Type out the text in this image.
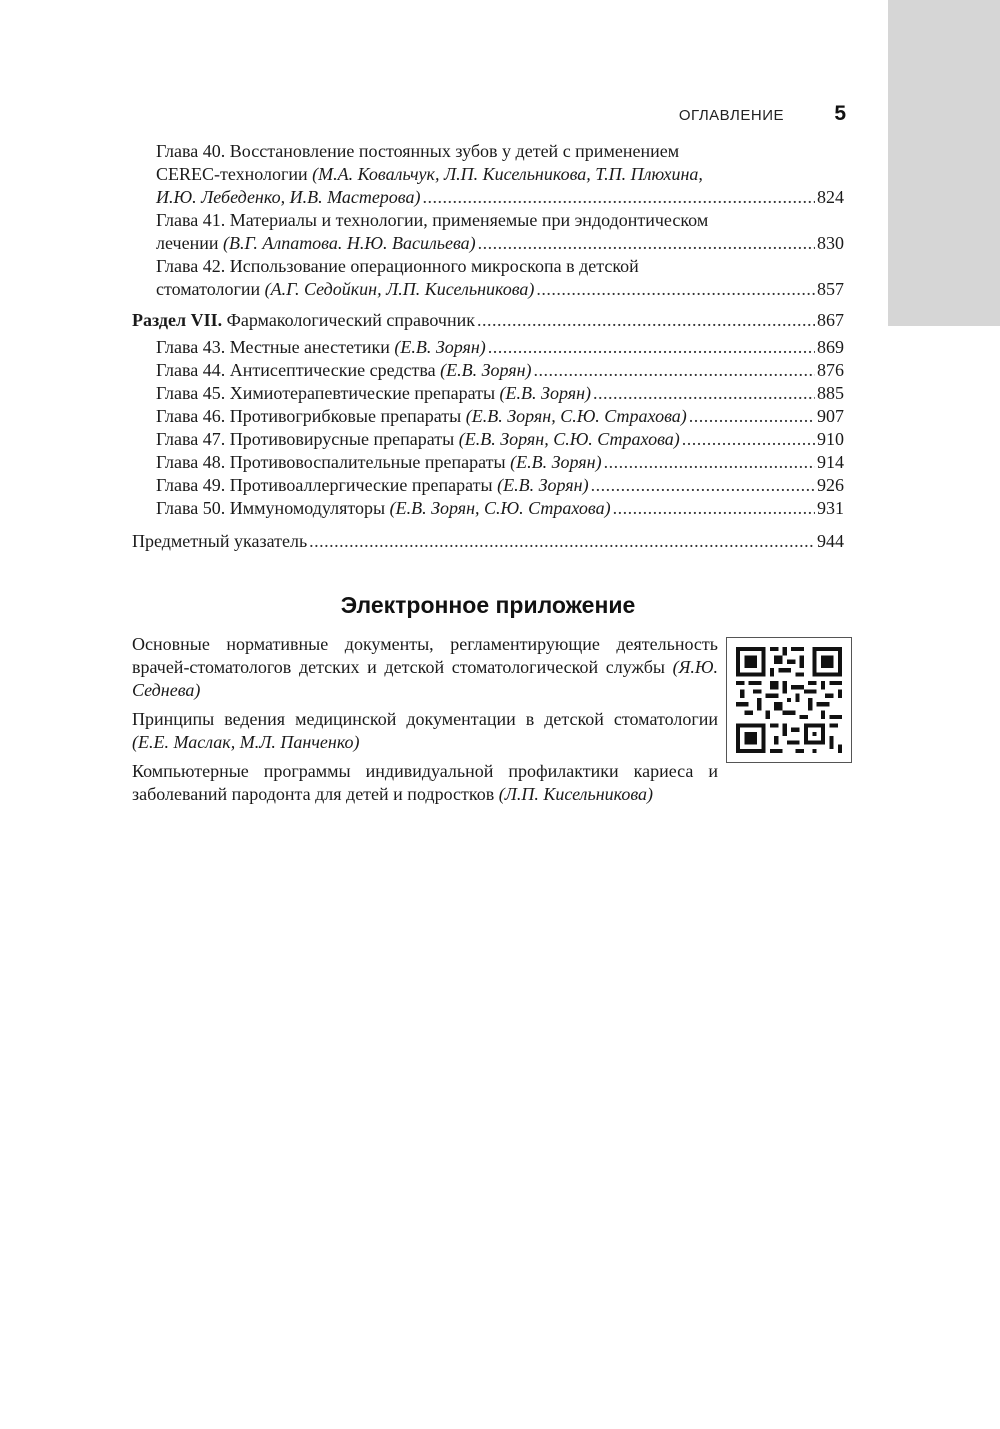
ОГЛАВЛЕНИЕ 5
Глава 40. Восстановление постоянных зубов у детей с применением
CEREC-технологии (М.А. Ковальчук, Л.П. Кисельникова, Т.П. Плюхина,
И.Ю. Лебеденко, И.В. Мастерова) . . .	824
Глава 41. Материалы и технологии, применяемые при эндодонтическом
лечении (В.Г. Алпатова. Н.Ю. Васильева) . . .	830
Глава 42. Использование операционного микроскопа в детской
стоматологии (А.Г. Седойкин, Л.П. Кисельникова) . . .	857
Раздел VII. Фармакологический справочник . . .	867
Глава 43. Местные анестетики (Е.В. Зорян) . . .	869
Глава 44. Антисептические средства (Е.В. Зорян) . . .	876
Глава 45. Химиотерапевтические препараты (Е.В. Зорян) . . .	885
Глава 46. Противогрибковые препараты (Е.В. Зорян, С.Ю. Страхова) . . .	907
Глава 47. Противовирусные препараты (Е.В. Зорян, С.Ю. Страхова) . . .	910
Глава 48. Противовоспалительные препараты (Е.В. Зорян) . . .	914
Глава 49. Противоаллергические препараты (Е.В. Зорян) . . .	926
Глава 50. Иммуномодуляторы (Е.В. Зорян, С.Ю. Страхова) . . .	931
Предметный указатель . . .	944
Электронное приложение
Основные нормативные документы, регламентирующие деятельность врачей-стоматологов детских и детской стоматологической службы (Я.Ю. Седнева)
Принципы ведения медицинской документации в детской стоматологии (Е.Е. Маслак, М.Л. Панченко)
Компьютерные программы индивидуальной профилактики кариеса и заболеваний пародонта для детей и подростков (Л.П. Кисельникова)
